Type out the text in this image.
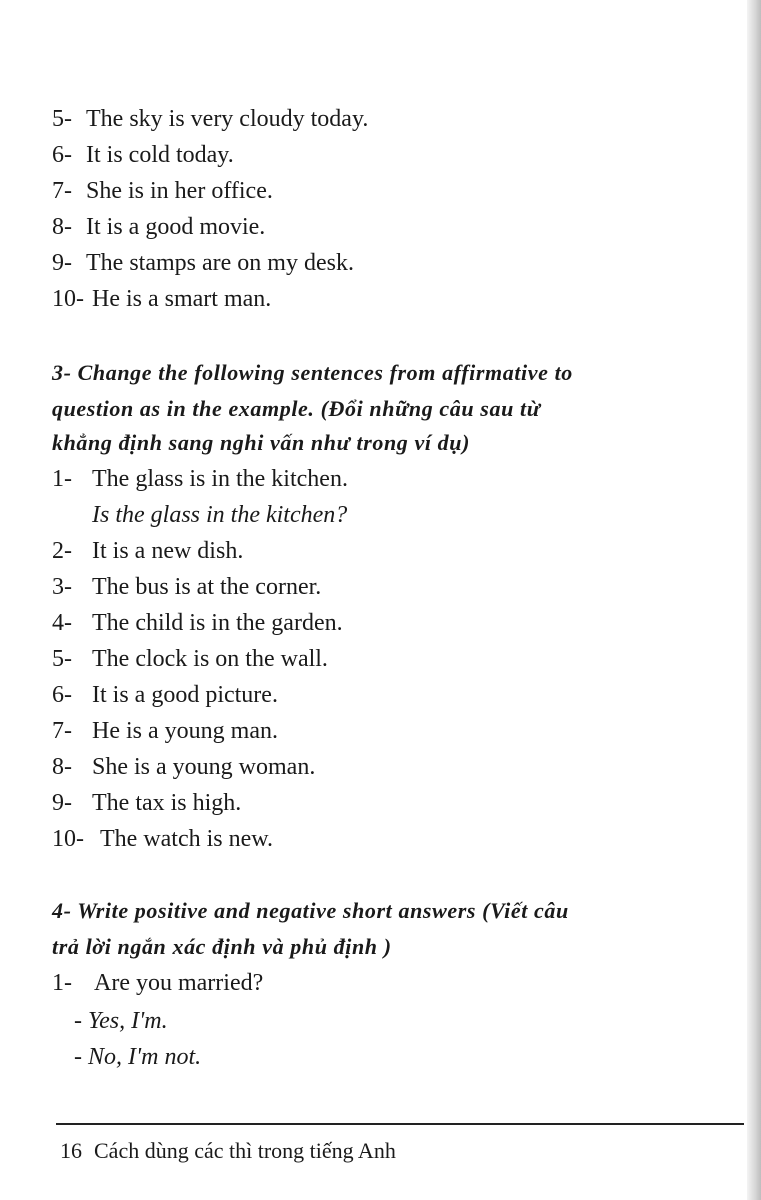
5- The sky is very cloudy today.
6- It is cold today.
7- She is in her office.
8- It is a good movie.
9- The stamps are on my desk.
10- He is a smart man.
3- Change the following sentences from affirmative to
question as in the example. (Đổi những câu sau từ
khẳng định sang nghi vấn như trong ví dụ)
1- The glass is in the kitchen.
Is the glass in the kitchen?
2- It is a new dish.
3- The bus is at the corner.
4- The child is in the garden.
5- The clock is on the wall.
6- It is a good picture.
7- He is a young man.
8- She is a young woman.
9- The tax is high.
10- The watch is new.
4- Write positive and negative short answers (Viết câu
trả lời ngắn xác định và phủ định )
1- Are you married?
- Yes, I'm.
- No, I'm not.
16 Cách dùng các thì trong tiếng Anh
